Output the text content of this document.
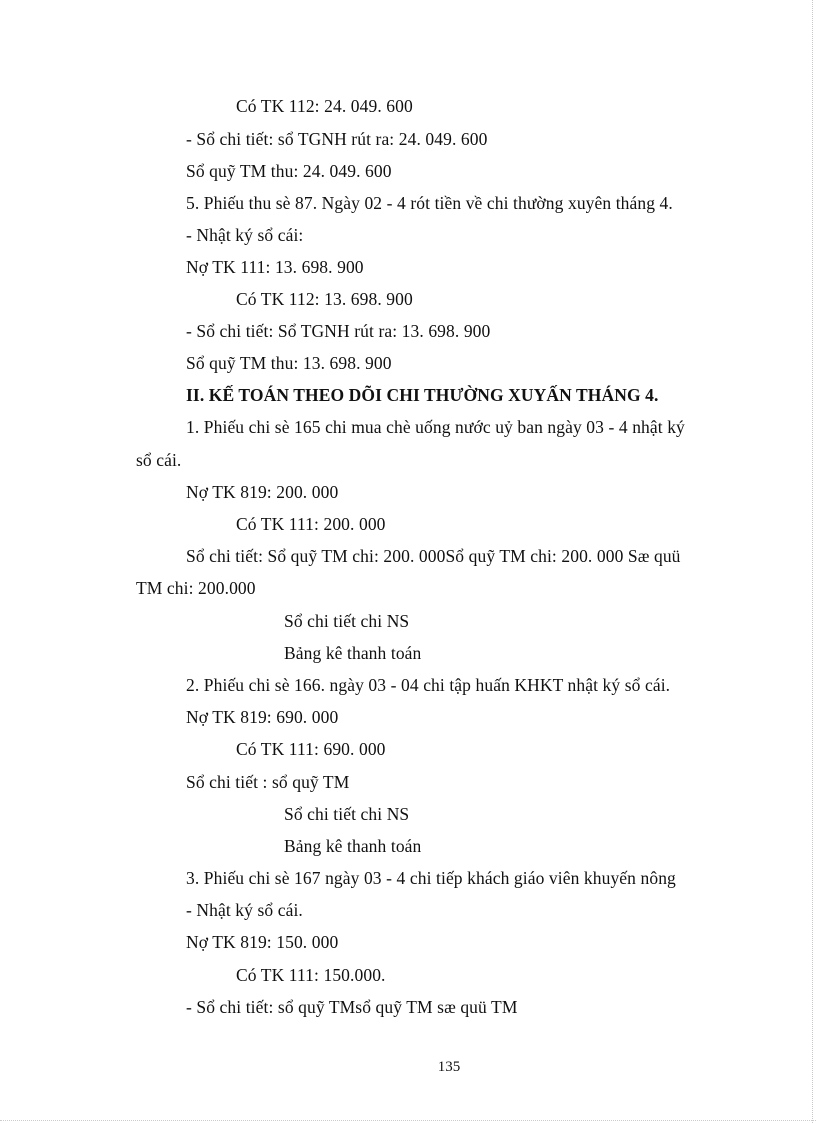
Có TK 112: 24. 049. 600
- Sổ chi tiết: sổ TGNH rút ra: 24. 049. 600
Sổ quỹ TM thu: 24. 049. 600
5. Phiếu thu sè 87. Ngày 02 - 4 rót tiền về chi thường xuyên tháng 4.
- Nhật ký sổ cái:
Nợ TK 111: 13. 698. 900
Có TK 112: 13. 698. 900
- Sổ chi tiết: Sổ TGNH rút ra: 13. 698. 900
Sổ quỹ TM thu: 13. 698. 900
II. KẾ TOÁN THEO DÕI CHI THƯỜNG XUYẤN THÁNG 4.
1. Phiếu chi sè 165 chi mua chè uống nước uỷ ban ngày 03 - 4 nhật ký
sổ cái.
Nợ TK 819: 200. 000
Có TK 111: 200. 000
Sổ chi tiết: Sổ quỹ TM chi: 200. 000Sổ quỹ TM chi: 200. 000 Sæ quü
TM chi: 200.000
Sổ chi tiết chi NS
Bảng kê thanh toán
2. Phiếu chi sè 166. ngày 03 - 04 chi tập huấn KHKT nhật ký sổ cái.
Nợ TK 819: 690. 000
Có TK 111: 690. 000
Sổ chi tiết : sổ quỹ TM
Sổ chi tiết chi NS
Bảng kê thanh toán
3. Phiếu chi sè 167 ngày 03 - 4 chi tiếp khách giáo viên khuyến nông
- Nhật ký sổ cái.
Nợ TK 819: 150. 000
Có TK 111: 150.000.
- Sổ chi tiết: sổ quỹ TMsổ quỹ TM sæ quü TM
135
